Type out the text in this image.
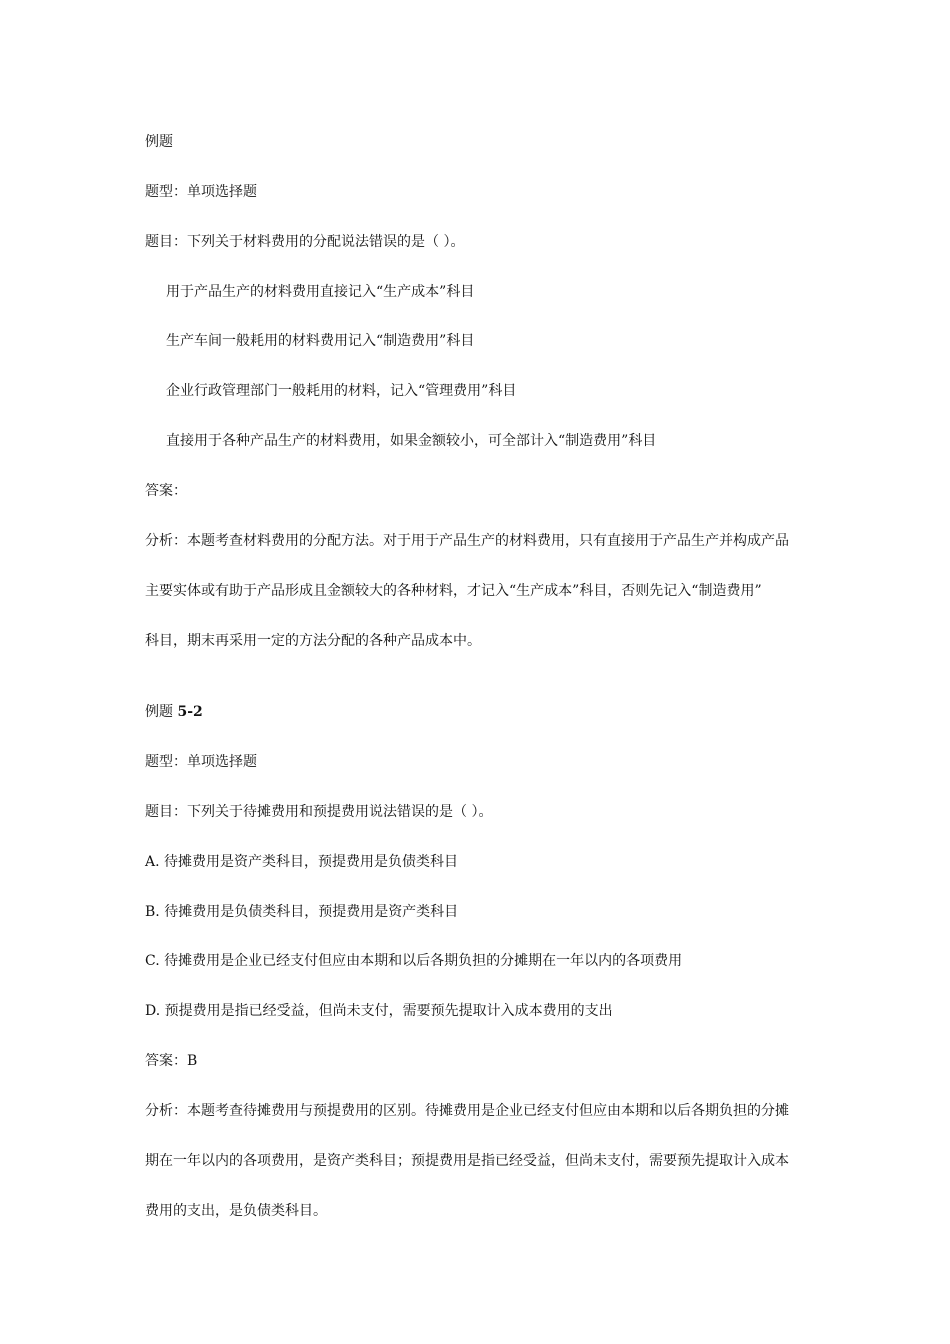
例题
题型：单项选择题
题目：下列关于材料费用的分配说法错误的是（ ）。
用于产品生产的材料费用直接记入“生产成本”科目
生产车间一般耗用的材料费用记入“制造费用”科目
企业行政管理部门一般耗用的材料，记入“管理费用”科目
直接用于各种产品生产的材料费用，如果金额较小，可全部计入“制造费用”科目
答案：
分析：本题考查材料费用的分配方法。对于用于产品生产的材料费用，只有直接用于产品生产并构成产品
主要实体或有助于产品形成且金额较大的各种材料，才记入“生产成本”科目，否则先记入“制造费用”
科目，期末再采用一定的方法分配的各种产品成本中。
例题 5-2
题型：单项选择题
题目：下列关于待摊费用和预提费用说法错误的是（ ）。
A. 待摊费用是资产类科目，预提费用是负债类科目
B. 待摊费用是负债类科目，预提费用是资产类科目
C. 待摊费用是企业已经支付但应由本期和以后各期负担的分摊期在一年以内的各项费用
D. 预提费用是指已经受益，但尚未支付，需要预先提取计入成本费用的支出
答案：B
分析：本题考查待摊费用与预提费用的区别。待摊费用是企业已经支付但应由本期和以后各期负担的分摊
期在一年以内的各项费用，是资产类科目；预提费用是指已经受益，但尚未支付，需要预先提取计入成本
费用的支出，是负债类科目。
